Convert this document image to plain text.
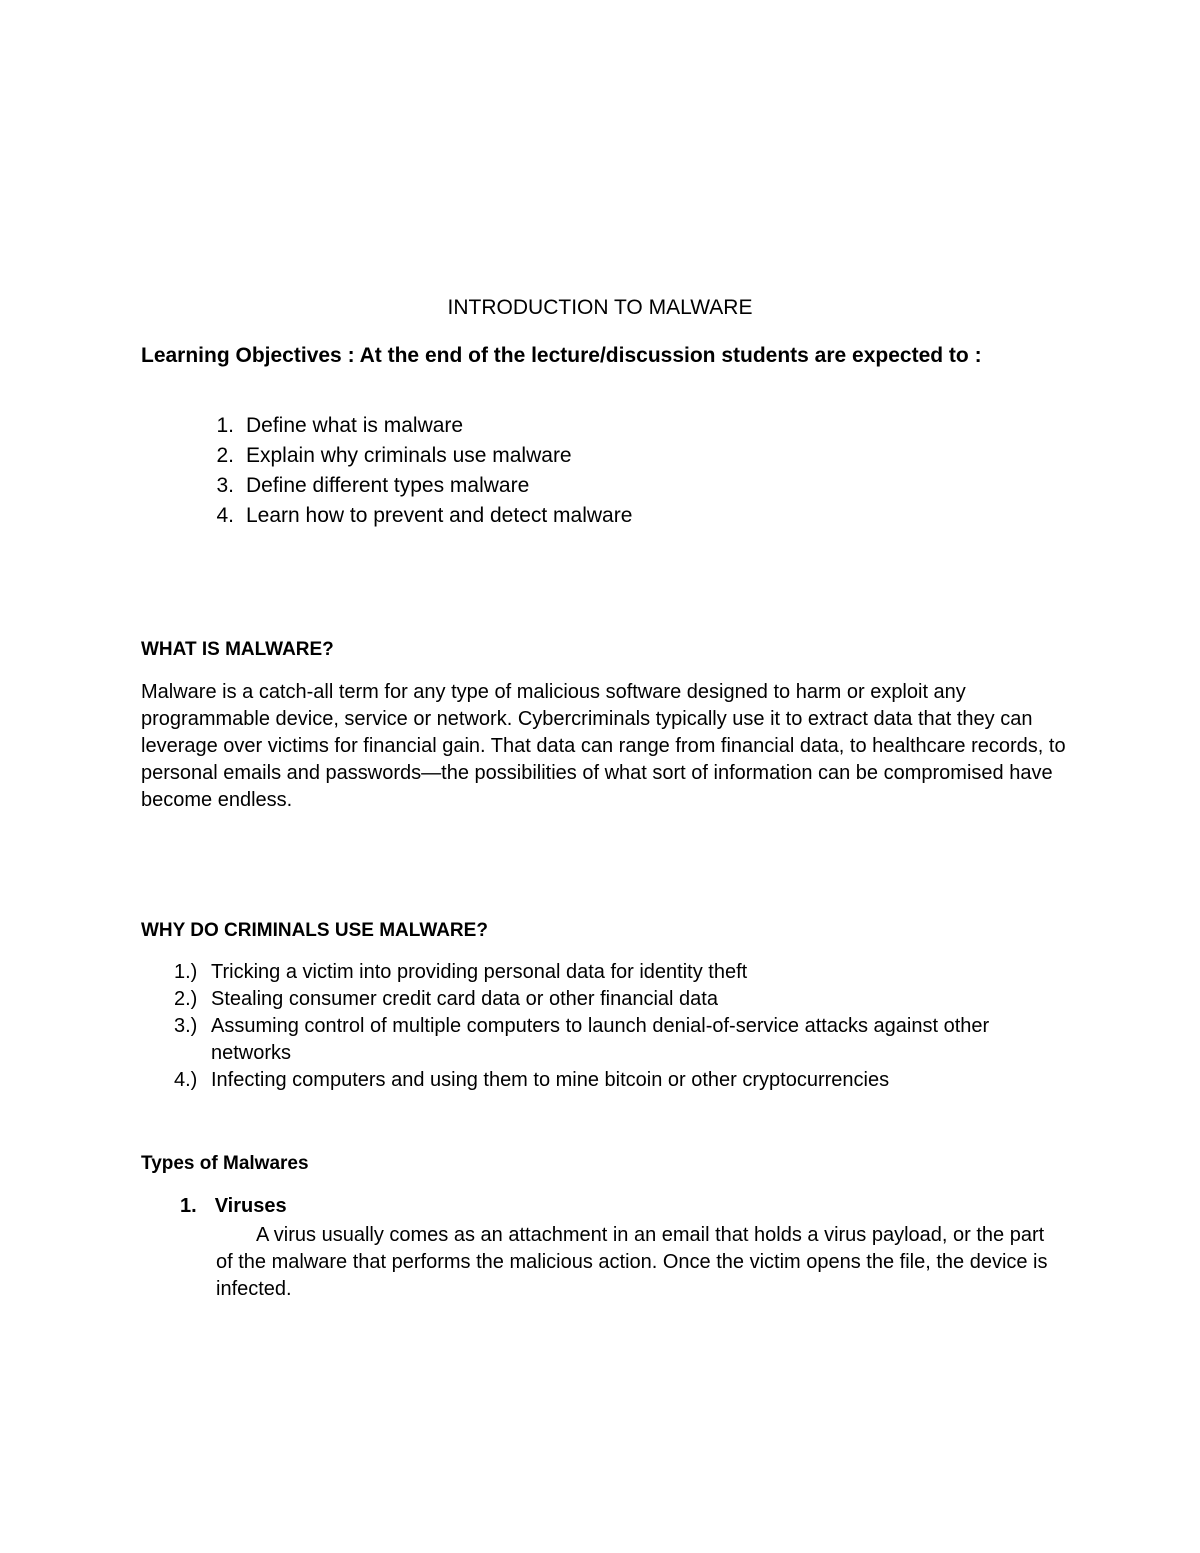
INTRODUCTION TO MALWARE
Learning Objectives : At the end of the lecture/discussion students are expected to :
1. Define what is malware
2. Explain why criminals use malware
3. Define different types malware
4. Learn how to prevent and detect malware
WHAT IS MALWARE?
Malware is a catch-all term for any type of malicious software designed to harm or exploit any programmable device, service or network. Cybercriminals typically use it to extract data that they can leverage over victims for financial gain. That data can range from financial data, to healthcare records, to personal emails and passwords—the possibilities of what sort of information can be compromised have become endless.
WHY DO CRIMINALS USE MALWARE?
1.) Tricking a victim into providing personal data for identity theft
2.) Stealing consumer credit card data or other financial data
3.) Assuming control of multiple computers to launch denial-of-service attacks against other networks
4.) Infecting computers and using them to mine bitcoin or other cryptocurrencies
Types of Malwares
1. Viruses
A virus usually comes as an attachment in an email that holds a virus payload, or the part of the malware that performs the malicious action. Once the victim opens the file, the device is infected.
